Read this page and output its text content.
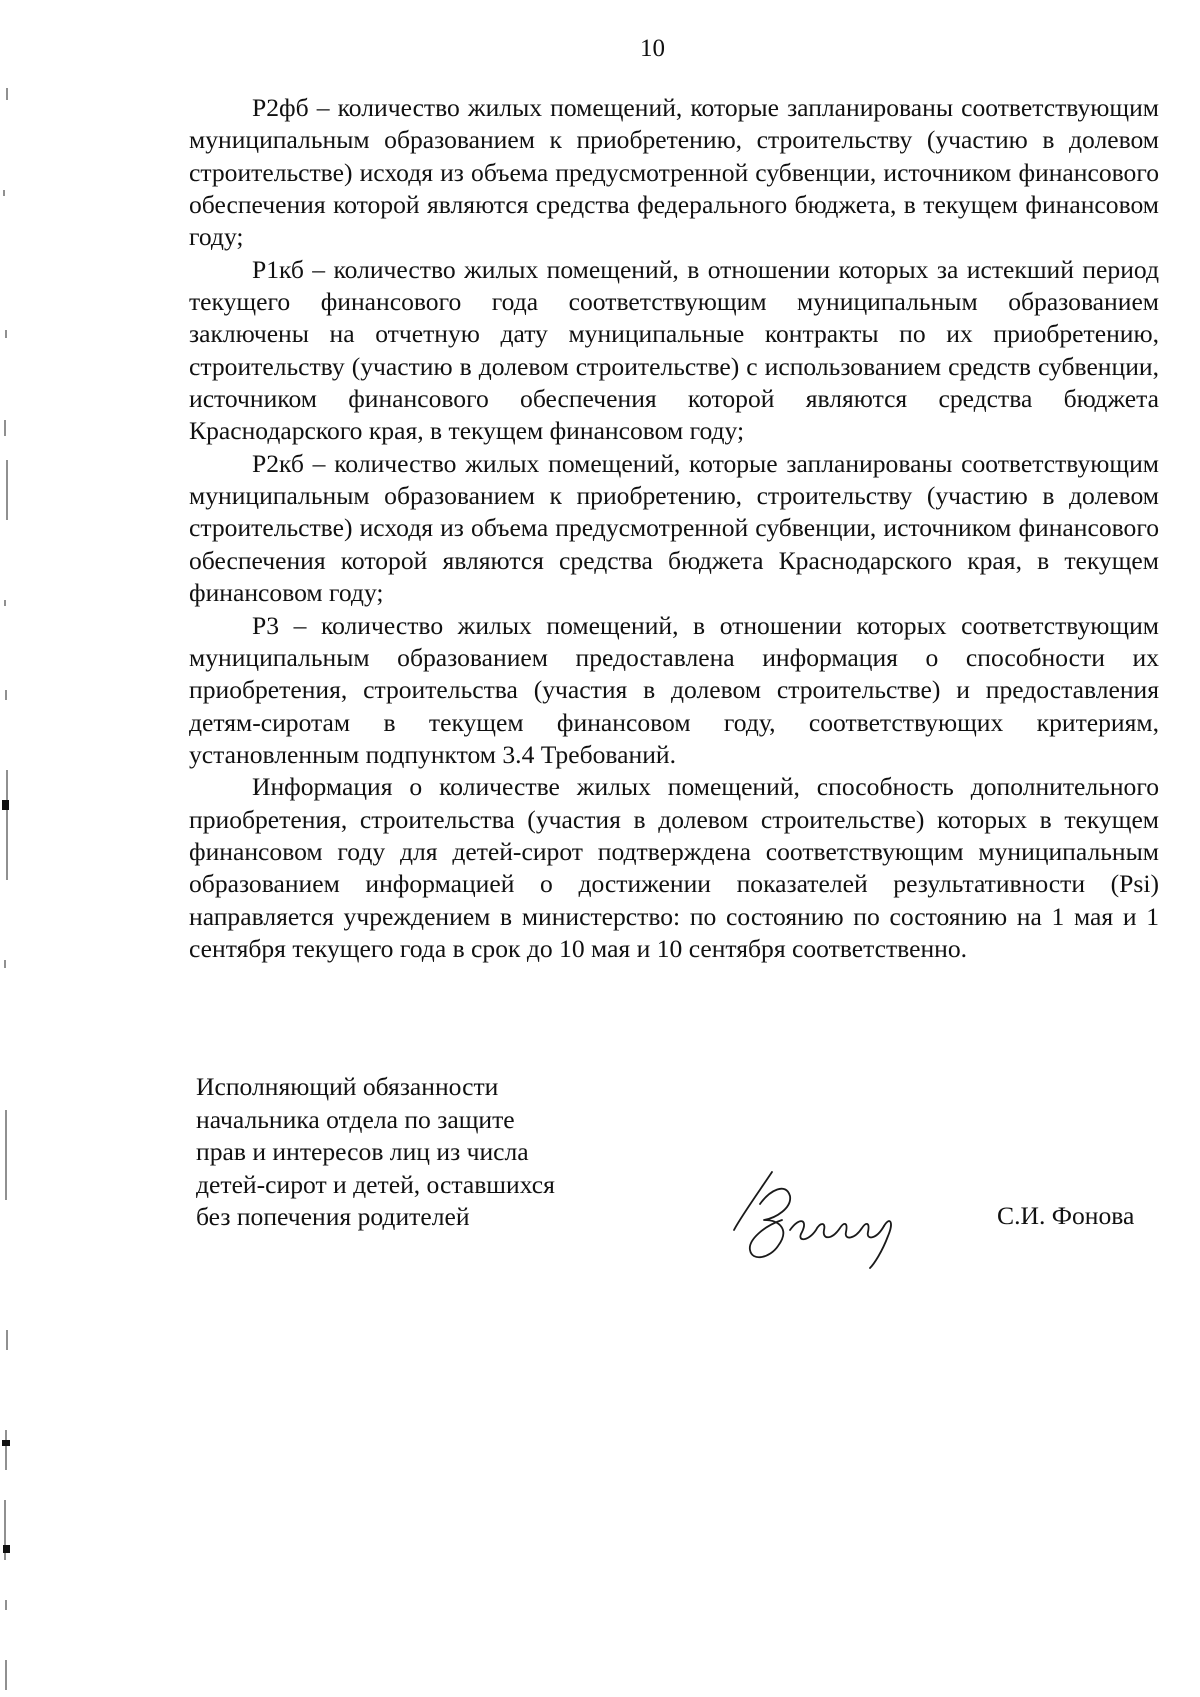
10

Р2фб – количество жилых помещений, которые запланированы соответствующим муниципальным образованием к приобретению, строительству (участию в долевом строительстве) исходя из объема предусмотренной субвенции, источником финансового обеспечения которой являются средства федерального бюджета, в текущем финансовом году;

Р1кб – количество жилых помещений, в отношении которых за истекший период текущего финансового года соответствующим муниципальным образованием заключены на отчетную дату муниципальные контракты по их приобретению, строительству (участию в долевом строительстве) с использованием средств субвенции, источником финансового обеспечения которой являются средства бюджета Краснодарского края, в текущем финансовом году;

Р2кб – количество жилых помещений, которые запланированы соответствующим муниципальным образованием к приобретению, строительству (участию в долевом строительстве) исходя из объема предусмотренной субвенции, источником финансового обеспечения которой являются средства бюджета Краснодарского края, в текущем финансовом году;

Р3 – количество жилых помещений, в отношении которых соответствующим муниципальным образованием предоставлена информация о способности их приобретения, строительства (участия в долевом строительстве) и предоставления детям-сиротам в текущем финансовом году, соответствующих критериям, установленным подпунктом 3.4 Требований.

Информация о количестве жилых помещений, способность дополнительного приобретения, строительства (участия в долевом строительстве) которых в текущем финансовом году для детей-сирот подтверждена соответствующим муниципальным образованием информацией о достижении показателей результативности (Psi) направляется учреждением в министерство: по состоянию по состоянию на 1 мая и 1 сентября текущего года в срок до 10 мая и 10 сентября соответственно.

Исполняющий обязанности
начальника отдела по защите
прав и интересов лиц из числа
детей-сирот и детей, оставшихся
без попечения родителей	С.И. Фонова
